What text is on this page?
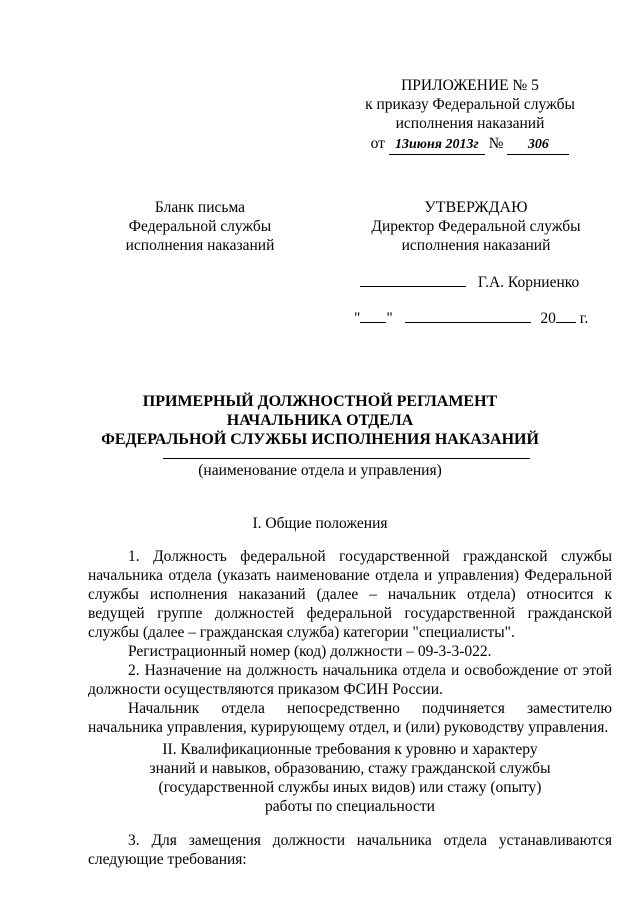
ПРИЛОЖЕНИЕ № 5
к приказу Федеральной службы
исполнения наказаний
от 13июня 2013г № 306
Бланк письма
Федеральной службы
исполнения наказаний
УТВЕРЖДАЮ
Директор Федеральной службы
исполнения наказаний
Г.А. Корниенко
" "	20 г.
ПРИМЕРНЫЙ ДОЛЖНОСТНОЙ РЕГЛАМЕНТ
НАЧАЛЬНИКА ОТДЕЛА
ФЕДЕРАЛЬНОЙ СЛУЖБЫ ИСПОЛНЕНИЯ НАКАЗАНИЙ
(наименование отдела и управления)
I. Общие положения

1. Должность федеральной государственной гражданской службы начальника отдела (указать наименование отдела и управления) Федеральной службы исполнения наказаний (далее – начальник отдела) относится к ведущей группе должностей федеральной государственной гражданской службы (далее – гражданская служба) категории "специалисты".

Регистрационный номер (код) должности – 09-3-3-022.

2. Назначение на должность начальника отдела и освобождение от этой должности осуществляются приказом ФСИН России.

Начальник отдела непосредственно подчиняется заместителю начальника управления, курирующему отдел, и (или) руководству управления.

II. Квалификационные требования к уровню и характеру
знаний и навыков, образованию, стажу гражданской службы
(государственной службы иных видов) или стажу (опыту)
работы по специальности

3. Для замещения должности начальника отдела устанавливаются следующие требования:
